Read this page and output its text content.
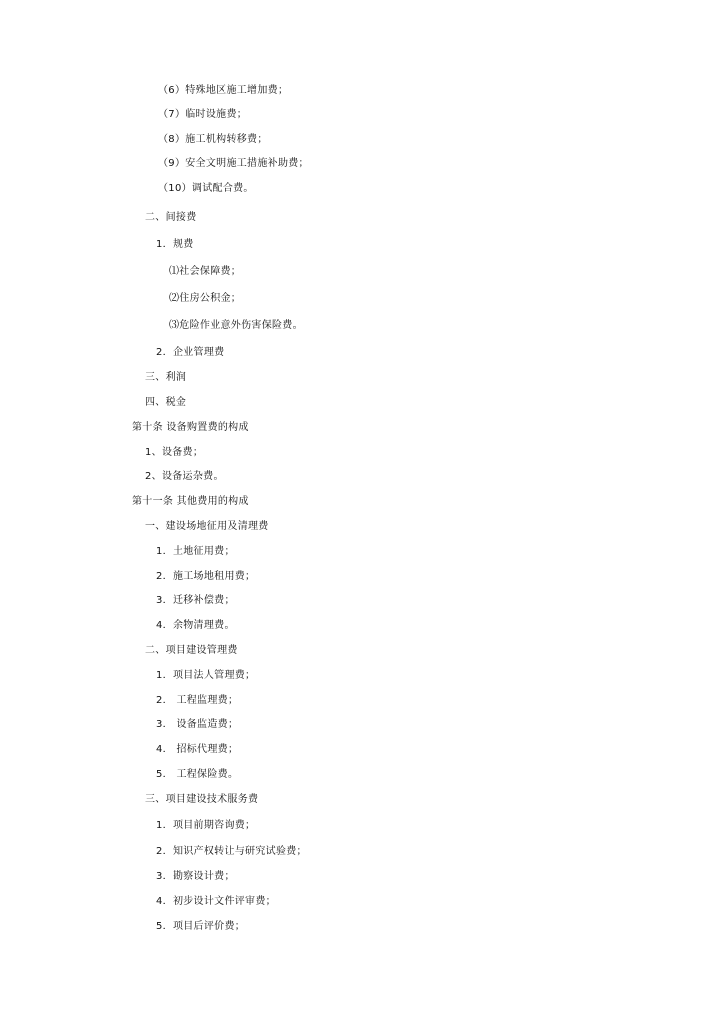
（6）特殊地区施工增加费；
（7）临时设施费；
（8）施工机构转移费；
（9）安全文明施工措施补助费；
（10）调试配合费。
二、间接费
1．规费
⑴社会保障费；
⑵住房公积金；
⑶危险作业意外伤害保险费。
2．企业管理费
三、利润
四、税金
第十条 设备购置费的构成
1、设备费；
2、设备运杂费。
第十一条 其他费用的构成
一、建设场地征用及清理费
1．土地征用费；
2．施工场地租用费；
3．迁移补偿费；
4．余物清理费。
二、项目建设管理费
1．项目法人管理费；
2． 工程监理费；
3． 设备监造费；
4． 招标代理费；
5． 工程保险费。
三、项目建设技术服务费
1．项目前期咨询费；
2．知识产权转让与研究试验费；
3．勘察设计费；
4．初步设计文件评审费；
5．项目后评价费；
